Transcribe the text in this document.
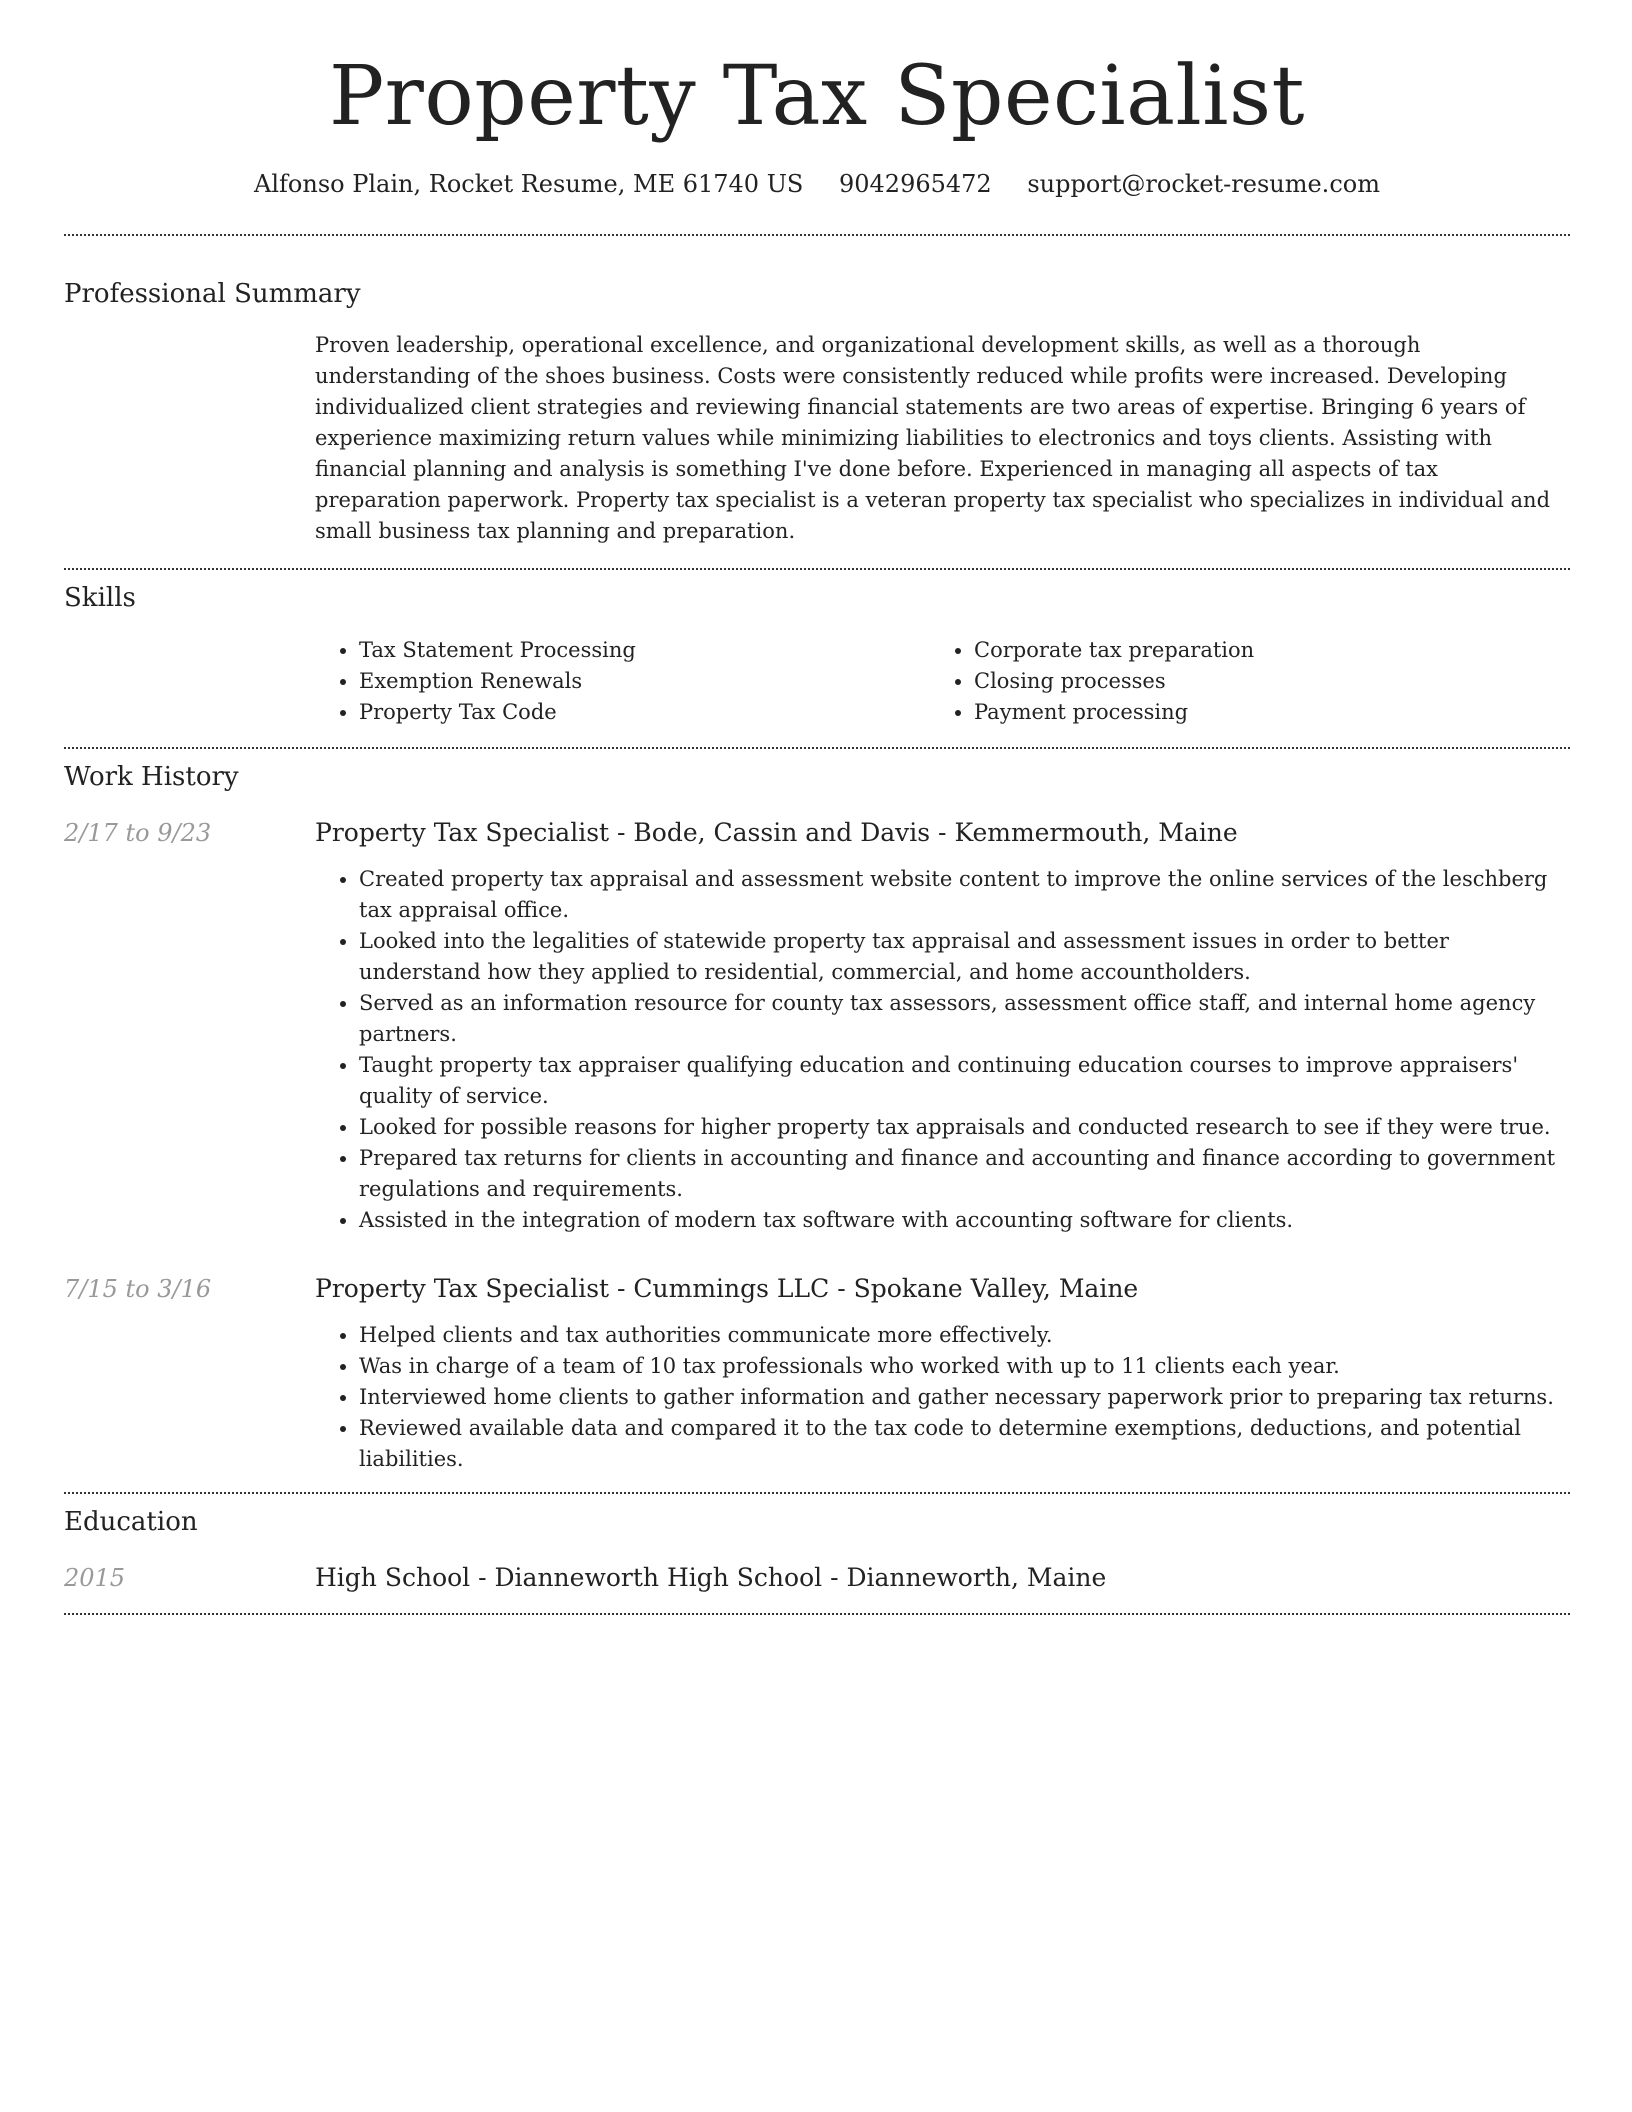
Property Tax Specialist
Alfonso Plain, Rocket Resume, ME 61740 US 9042965472 support@rocket-resume.com
Professional Summary
Proven leadership, operational excellence, and organizational development skills, as well as a thorough understanding of the shoes business. Costs were consistently reduced while profits were increased. Developing individualized client strategies and reviewing financial statements are two areas of expertise. Bringing 6 years of experience maximizing return values while minimizing liabilities to electronics and toys clients. Assisting with financial planning and analysis is something I've done before. Experienced in managing all aspects of tax preparation paperwork. Property tax specialist is a veteran property tax specialist who specializes in individual and small business tax planning and preparation.
Skills
• Tax Statement Processing
• Exemption Renewals
• Property Tax Code
• Corporate tax preparation
• Closing processes
• Payment processing
Work History
2/17 to 9/23	Property Tax Specialist - Bode, Cassin and Davis - Kemmermouth, Maine
• Created property tax appraisal and assessment website content to improve the online services of the leschberg tax appraisal office.
• Looked into the legalities of statewide property tax appraisal and assessment issues in order to better understand how they applied to residential, commercial, and home accountholders.
• Served as an information resource for county tax assessors, assessment office staff, and internal home agency partners.
• Taught property tax appraiser qualifying education and continuing education courses to improve appraisers' quality of service.
• Looked for possible reasons for higher property tax appraisals and conducted research to see if they were true.
• Prepared tax returns for clients in accounting and finance and accounting and finance according to government regulations and requirements.
• Assisted in the integration of modern tax software with accounting software for clients.
7/15 to 3/16	Property Tax Specialist - Cummings LLC - Spokane Valley, Maine
• Helped clients and tax authorities communicate more effectively.
• Was in charge of a team of 10 tax professionals who worked with up to 11 clients each year.
• Interviewed home clients to gather information and gather necessary paperwork prior to preparing tax returns.
• Reviewed available data and compared it to the tax code to determine exemptions, deductions, and potential liabilities.
Education
2015	High School - Dianneworth High School - Dianneworth, Maine
